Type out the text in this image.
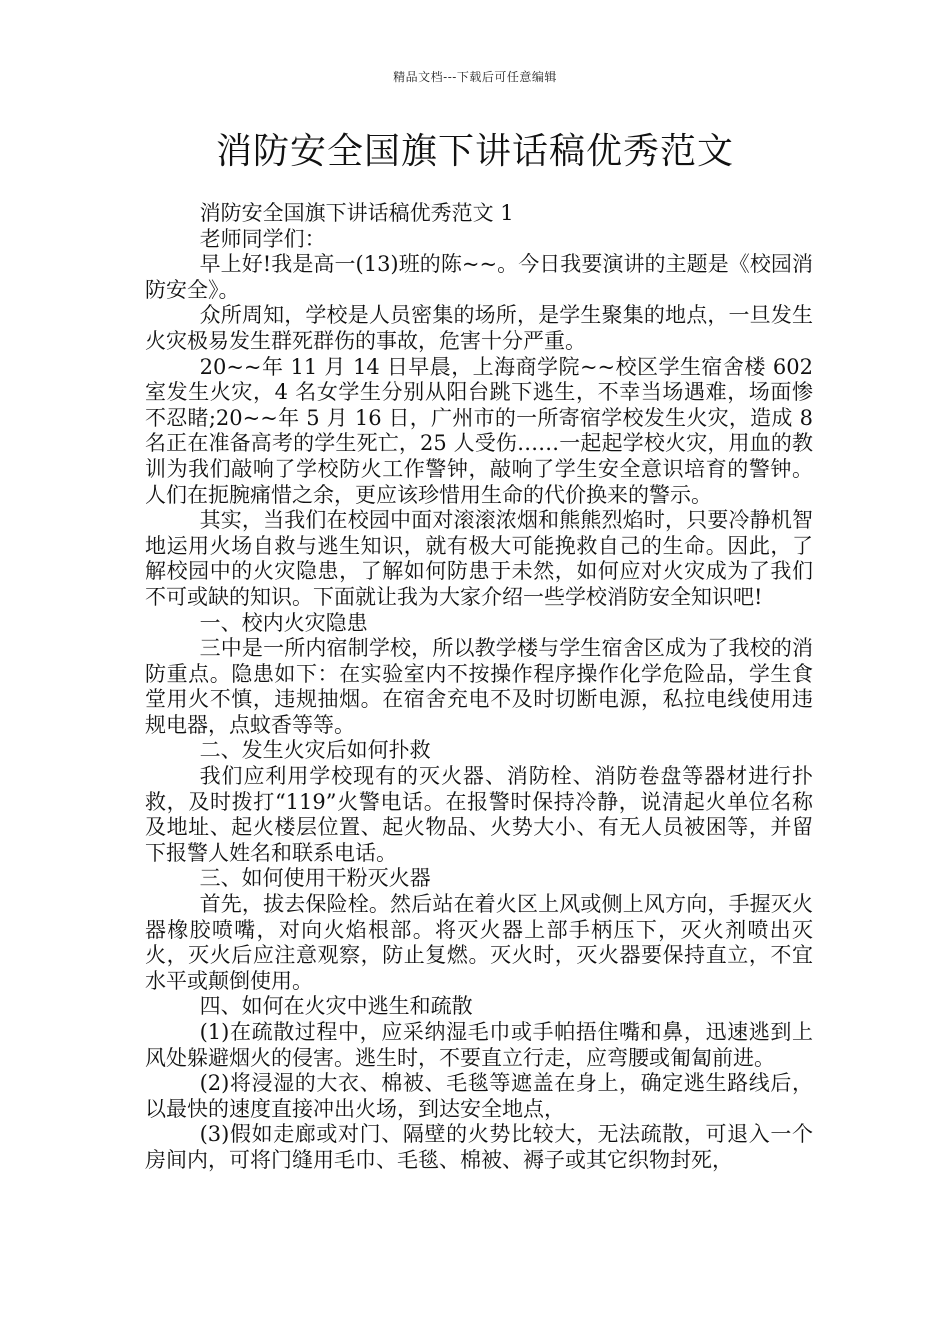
精品文档---下载后可任意编辑
消防安全国旗下讲话稿优秀范文

消防安全国旗下讲话稿优秀范文 1

老师同学们：

早上好!我是高一(13)班的陈~~。今日我要演讲的主题是《校园消防安全》。

众所周知，学校是人员密集的场所，是学生聚集的地点，一旦发生火灾极易发生群死群伤的事故，危害十分严重。

20~~年 11 月 14 日早晨，上海商学院~~校区学生宿舍楼 602 室发生火灾，4 名女学生分别从阳台跳下逃生，不幸当场遇难，场面惨不忍睹;20~~年 5 月 16 日，广州市的一所寄宿学校发生火灾，造成 8 名正在准备高考的学生死亡，25 人受伤……一起起学校火灾，用血的教训为我们敲响了学校防火工作警钟，敲响了学生安全意识培育的警钟。人们在扼腕痛惜之余，更应该珍惜用生命的代价换来的警示。

其实，当我们在校园中面对滚滚浓烟和熊熊烈焰时，只要冷静机智地运用火场自救与逃生知识，就有极大可能挽救自己的生命。因此，了解校园中的火灾隐患，了解如何防患于未然，如何应对火灾成为了我们不可或缺的知识。下面就让我为大家介绍一些学校消防安全知识吧!

一、校内火灾隐患

三中是一所内宿制学校，所以教学楼与学生宿舍区成为了我校的消防重点。隐患如下：在实验室内不按操作程序操作化学危险品，学生食堂用火不慎，违规抽烟。在宿舍充电不及时切断电源，私拉电线使用违规电器，点蚊香等等。

二、发生火灾后如何扑救

我们应利用学校现有的灭火器、消防栓、消防卷盘等器材进行扑救，及时拨打“119”火警电话。在报警时保持冷静，说清起火单位名称及地址、起火楼层位置、起火物品、火势大小、有无人员被困等，并留下报警人姓名和联系电话。

三、如何使用干粉灭火器

首先，拔去保险栓。然后站在着火区上风或侧上风方向，手握灭火器橡胶喷嘴，对向火焰根部。将灭火器上部手柄压下，灭火剂喷出灭火，灭火后应注意观察，防止复燃。灭火时，灭火器要保持直立，不宜水平或颠倒使用。

四、如何在火灾中逃生和疏散

(1)在疏散过程中，应采纳湿毛巾或手帕捂住嘴和鼻，迅速逃到上风处躲避烟火的侵害。逃生时，不要直立行走，应弯腰或匍匐前进。

(2)将浸湿的大衣、棉被、毛毯等遮盖在身上，确定逃生路线后，以最快的速度直接冲出火场，到达安全地点，

(3)假如走廊或对门、隔壁的火势比较大，无法疏散，可退入一个房间内，可将门缝用毛巾、毛毯、棉被、褥子或其它织物封死，
